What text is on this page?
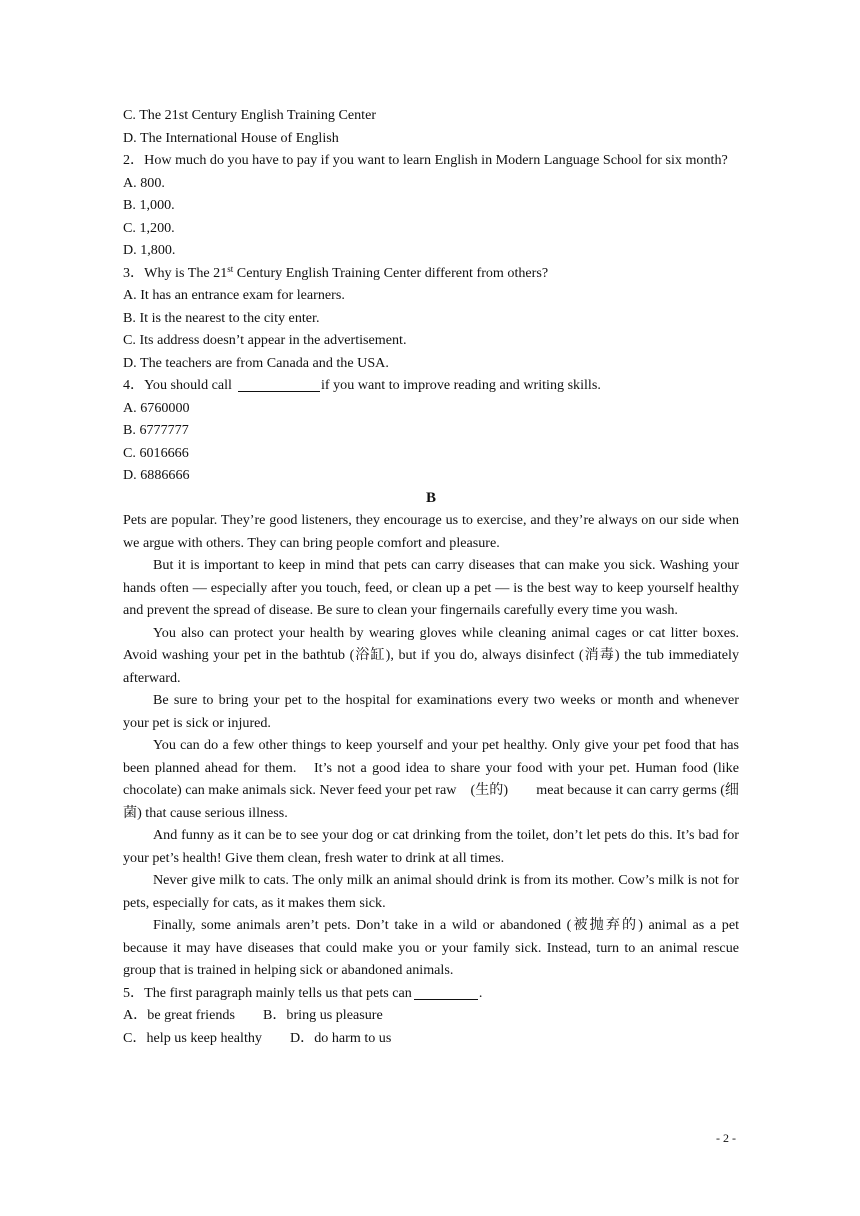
C. The 21st Century English Training Center

D. The International House of English

2．How much do you have to pay if you want to learn English in Modern Language School for six month?

A. 800.

B. 1,000.

C. 1,200.

D. 1,800.

3．Why is The 21st Century English Training Center different from others?

A. It has an entrance exam for learners.

B. It is the nearest to the city enter.

C. Its address doesn’t appear in the advertisement.

D. The teachers are from Canada and the USA.

4．You should call	if you want to improve reading and writing skills.

A. 6760000

B. 6777777

C. 6016666

D. 6886666

B

Pets are popular. They’re good listeners, they encourage us to exercise, and they’re always on our side when we argue with others. They can bring people comfort and pleasure.

But it is important to keep in mind that pets can carry diseases that can make you sick. Washing your hands often — especially after you touch, feed, or clean up a pet — is the best way to keep yourself healthy and prevent the spread of disease. Be sure to clean your fingernails carefully every time you wash.

You also can protect your health by wearing gloves while cleaning animal cages or cat litter boxes. Avoid washing your pet in the bathtub (浴缸), but if you do, always disinfect (消毒) the tub immediately afterward.

Be sure to bring your pet to the hospital for examinations every two weeks or month and whenever your pet is sick or injured.

You can do a few other things to keep yourself and your pet healthy. Only give your pet food that has been planned ahead for them.　It’s not a good idea to share your food with your pet. Human food (like chocolate) can make animals sick. Never feed your pet raw　(生的)　　meat because it can carry germs (细菌) that cause serious illness.

And funny as it can be to see your dog or cat drinking from the toilet, don’t let pets do this. It’s bad for your pet’s health! Give them clean, fresh water to drink at all times.

Never give milk to cats. The only milk an animal should drink is from its mother. Cow’s milk is not for pets, especially for cats, as it makes them sick.

Finally, some animals aren’t pets. Don’t take in a wild or abandoned (被抛弃的) animal as a pet because it may have diseases that could make you or your family sick. Instead, turn to an animal rescue group that is trained in helping sick or abandoned animals.

5．The first paragraph mainly tells us that pets can	.

A．be great friends B．bring us pleasure

C．help us keep healthy D．do harm to us

- 2 -
